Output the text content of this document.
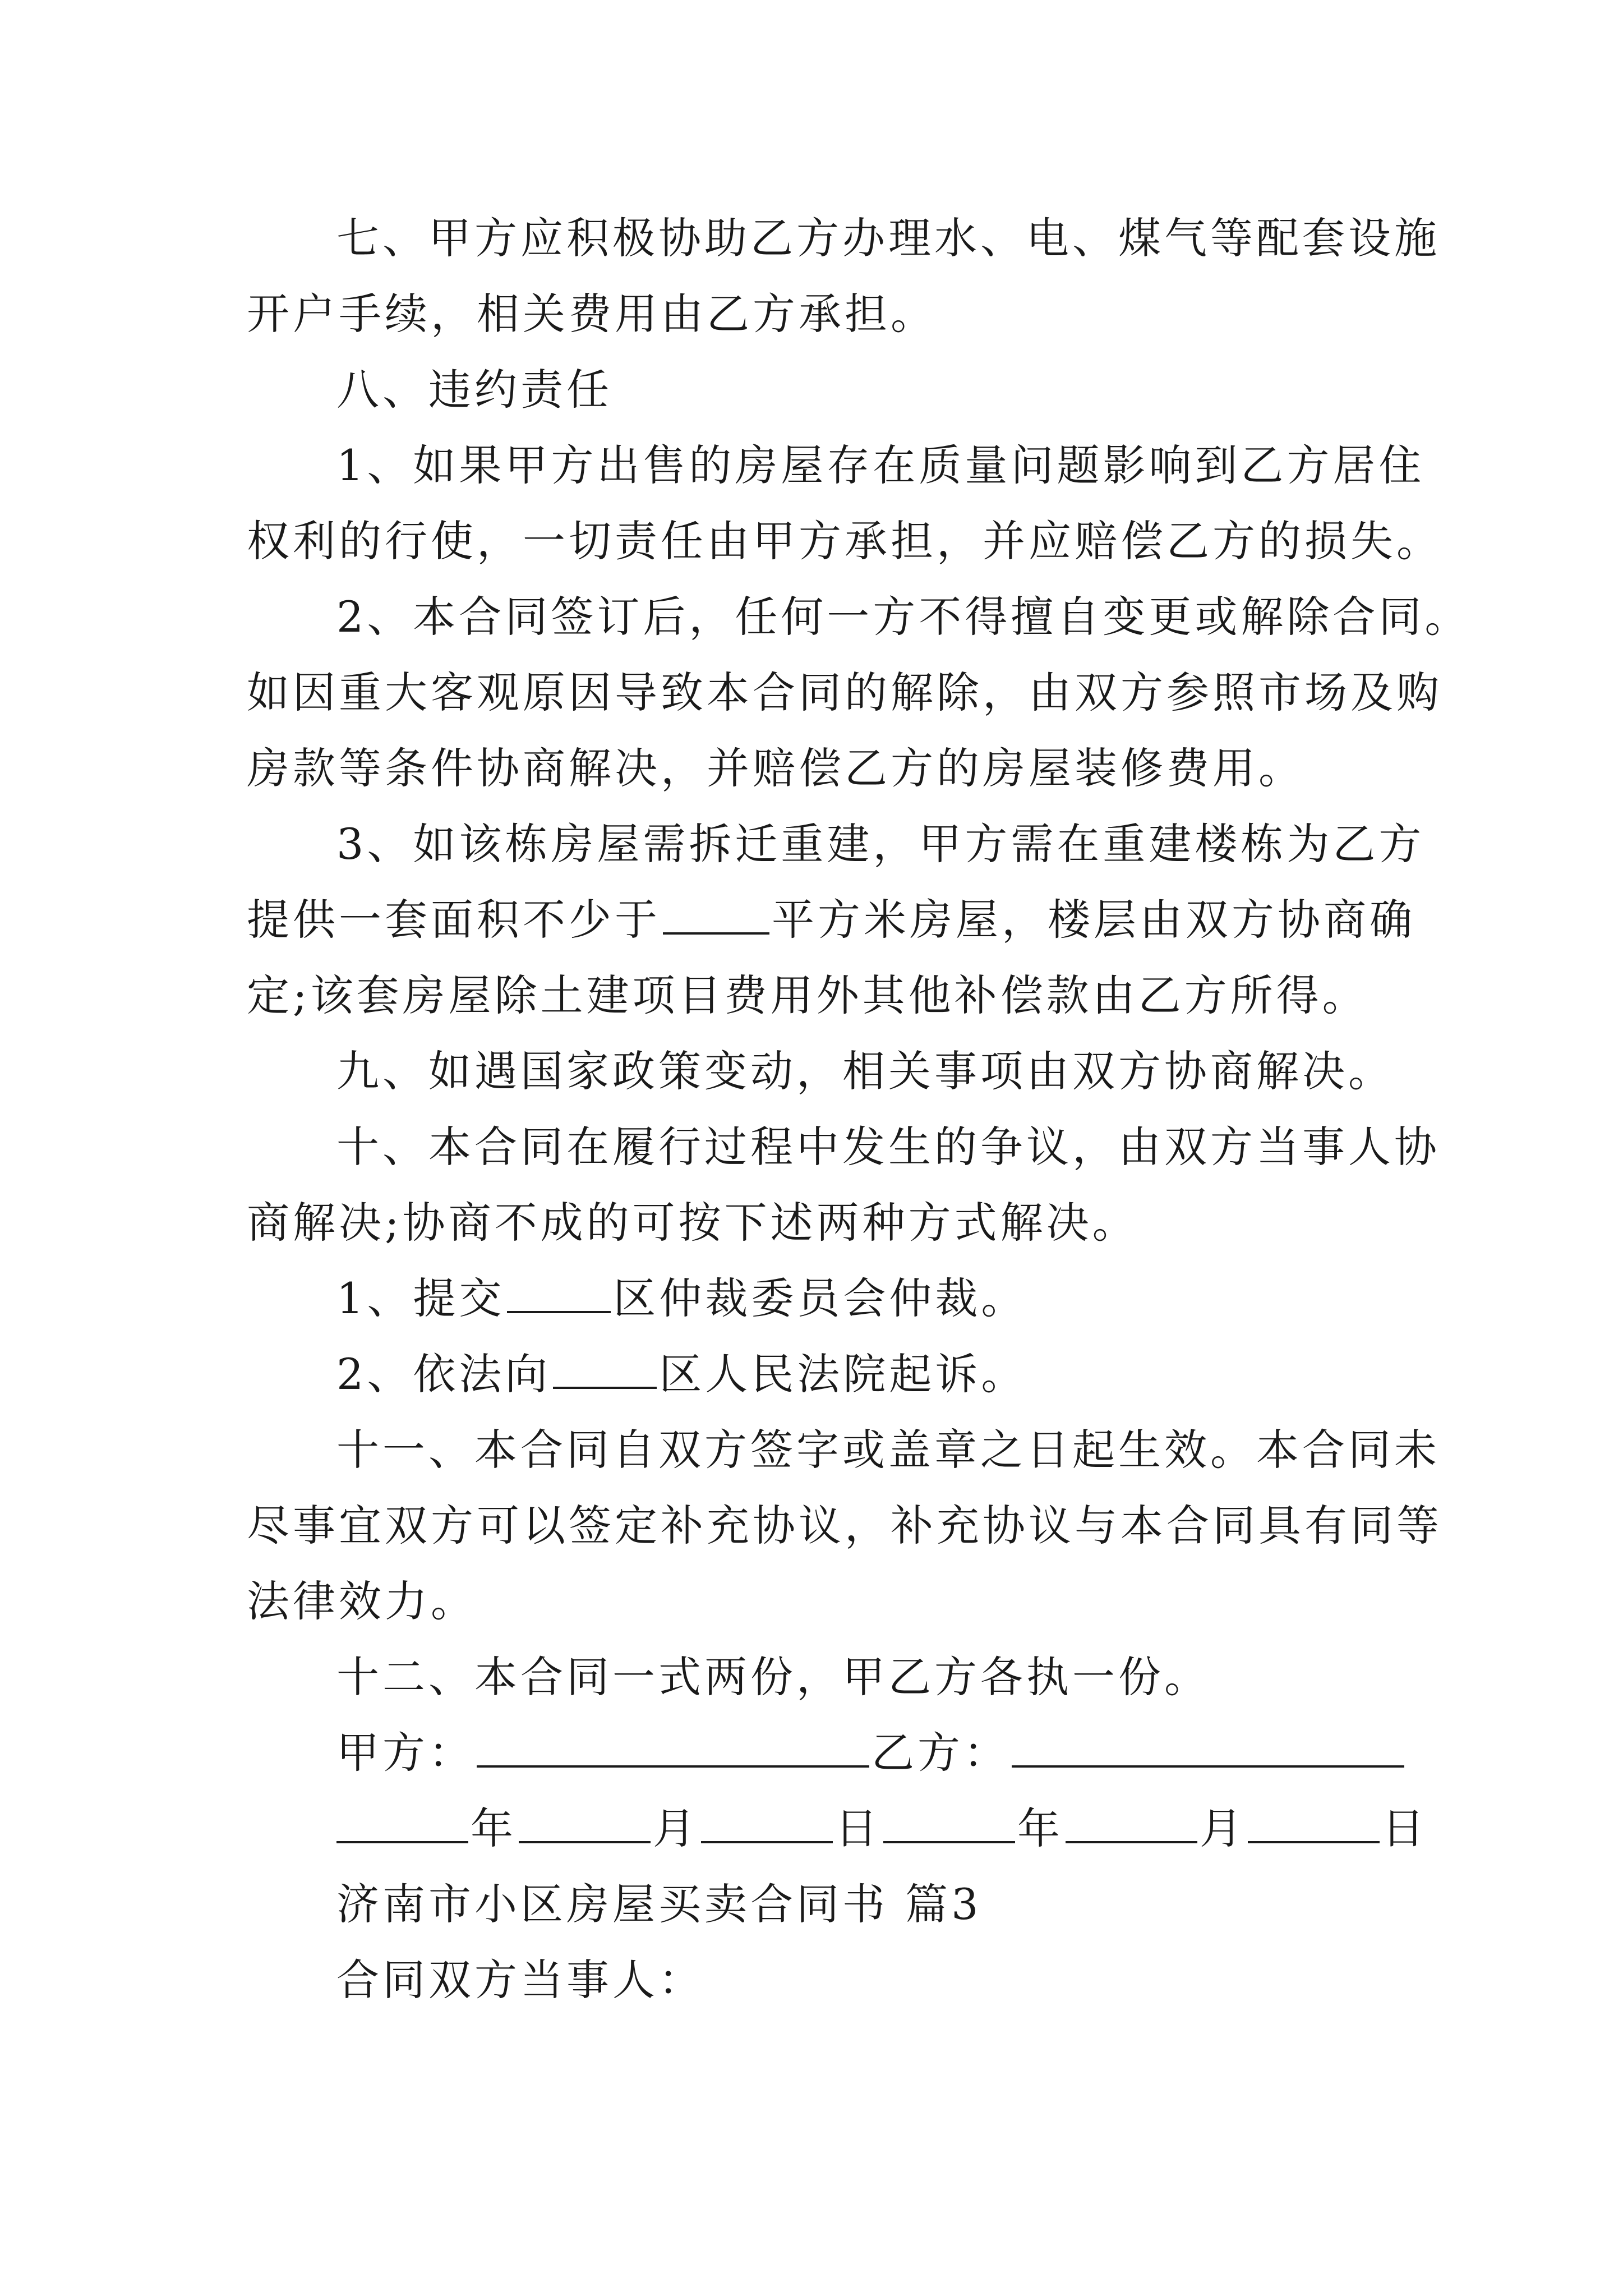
七、甲方应积极协助乙方办理水、电、煤气等配套设施
开户手续，相关费用由乙方承担。
八、违约责任
1、如果甲方出售的房屋存在质量问题影响到乙方居住
权利的行使，一切责任由甲方承担，并应赔偿乙方的损失。
2、本合同签订后，任何一方不得擅自变更或解除合同。
如因重大客观原因导致本合同的解除，由双方参照市场及购
房款等条件协商解决，并赔偿乙方的房屋装修费用。
3、如该栋房屋需拆迁重建，甲方需在重建楼栋为乙方
提供一套面积不少于	平方米房屋，楼层由双方协商确
定;该套房屋除土建项目费用外其他补偿款由乙方所得。
九、如遇国家政策变动，相关事项由双方协商解决。
十、本合同在履行过程中发生的争议，由双方当事人协
商解决;协商不成的可按下述两种方式解决。
1、提交	区仲裁委员会仲裁。
2、依法向	区人民法院起诉。
十一、本合同自双方签字或盖章之日起生效。本合同未
尽事宜双方可以签定补充协议，补充协议与本合同具有同等
法律效力。
十二、本合同一式两份，甲乙方各执一份。
甲方：	乙方：
年	月	日	年	月	日
济南市小区房屋买卖合同书 篇3
合同双方当事人：
